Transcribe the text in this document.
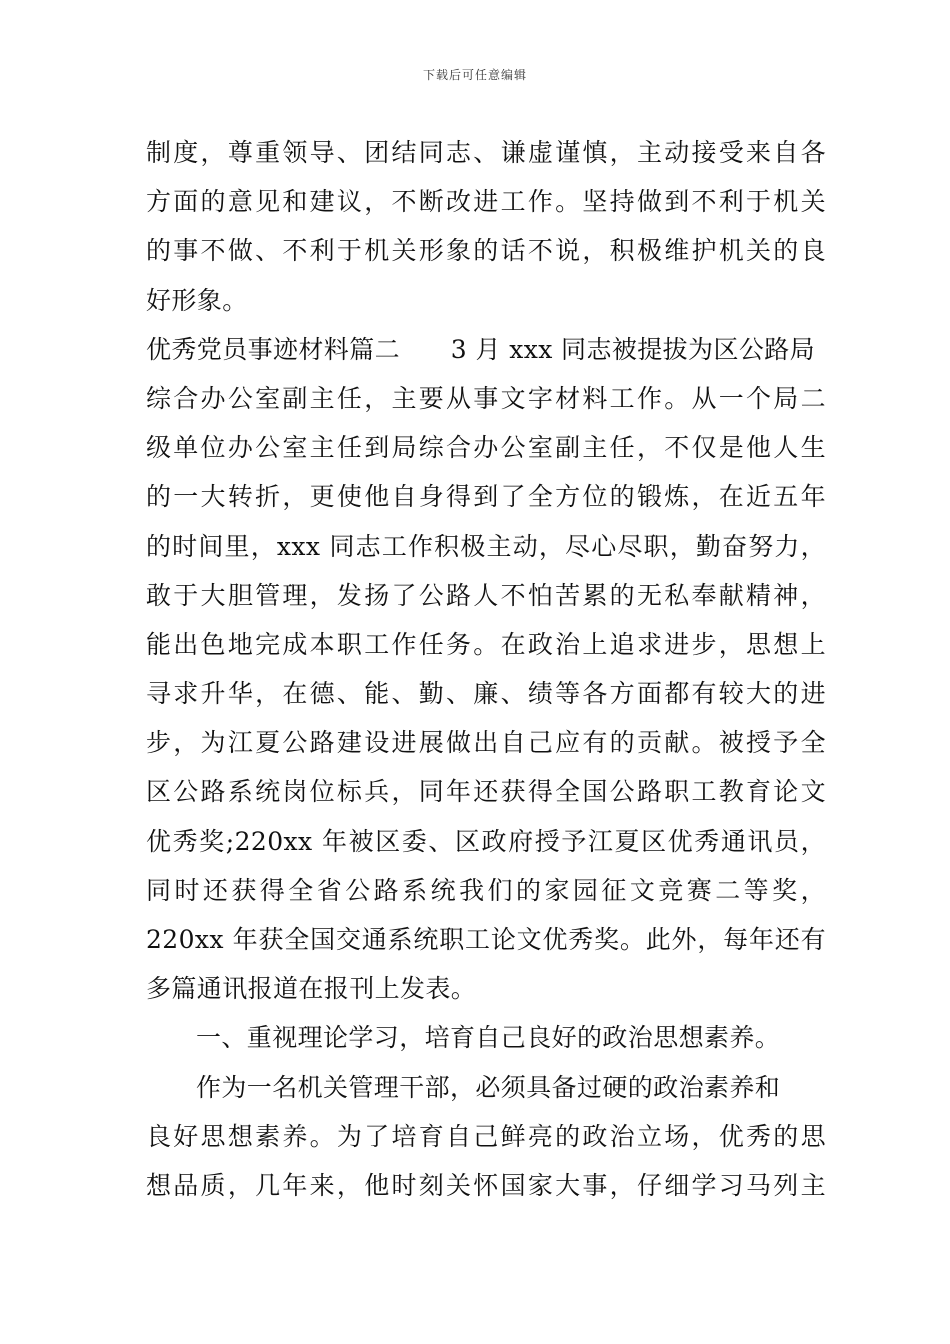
下载后可任意编辑
制度，尊重领导、团结同志、谦虚谨慎，主动接受来自各
方面的意见和建议，不断改进工作。坚持做到不利于机关
的事不做、不利于机关形象的话不说，积极维护机关的良
好形象。
优秀党员事迹材料篇二　　3 月 xxx 同志被提拔为区公路局
综合办公室副主任，主要从事文字材料工作。从一个局二
级单位办公室主任到局综合办公室副主任，不仅是他人生
的一大转折，更使他自身得到了全方位的锻炼，在近五年
的时间里，xxx 同志工作积极主动，尽心尽职，勤奋努力，
敢于大胆管理，发扬了公路人不怕苦累的无私奉献精神，
能出色地完成本职工作任务。在政治上追求进步，思想上
寻求升华，在德、能、勤、廉、绩等各方面都有较大的进
步，为江夏公路建设进展做出自己应有的贡献。被授予全
区公路系统岗位标兵，同年还获得全国公路职工教育论文
优秀奖;220xx 年被区委、区政府授予江夏区优秀通讯员，
同时还获得全省公路系统我们的家园征文竞赛二等奖，
220xx 年获全国交通系统职工论文优秀奖。此外，每年还有
多篇通讯报道在报刊上发表。
一、重视理论学习，培育自己良好的政治思想素养。
作为一名机关管理干部，必须具备过硬的政治素养和
良好思想素养。为了培育自己鲜亮的政治立场，优秀的思
想品质，几年来，他时刻关怀国家大事，仔细学习马列主
